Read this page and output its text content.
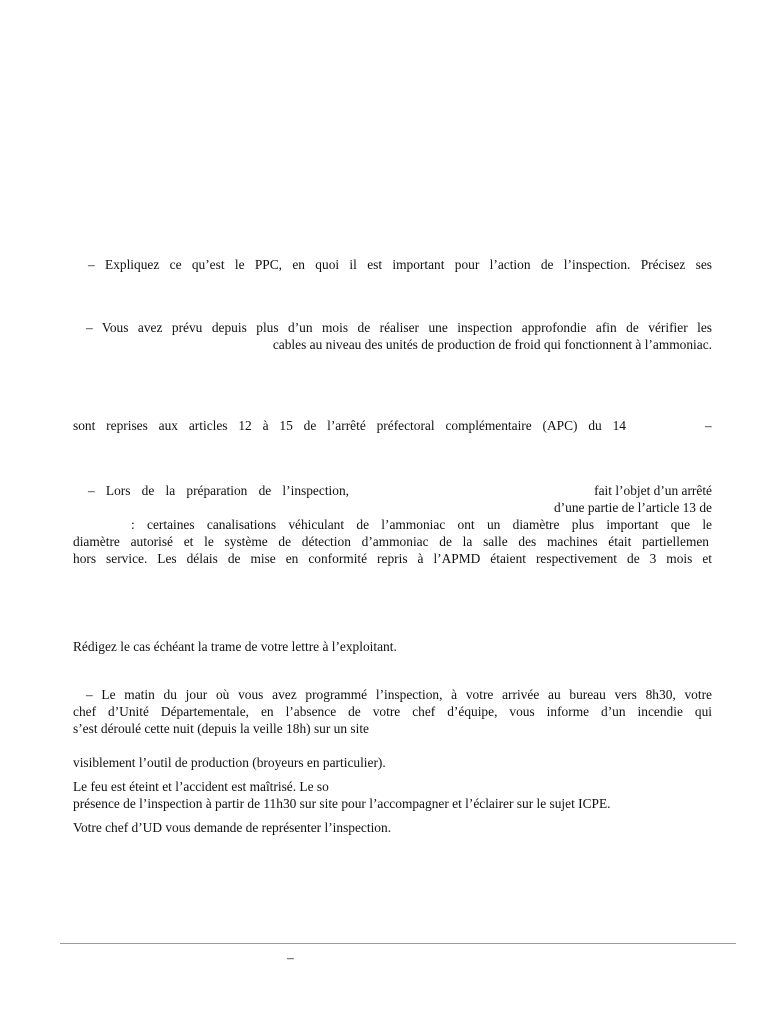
– Expliquez ce qu’est le PPC, en quoi il est important pour l’action de l’inspection. Précisez ses
– Vous avez prévu depuis plus d’un mois de réaliser une inspection approfondie afin de vérifier les
cables au niveau des unités de production de froid qui fonctionnent à l’ammoniac.
sont reprises aux articles 12 à 15 de l’arrêté préfectoral complémentaire (APC) du 14	–
– Lors de la préparation de l’inspection,	fait l’objet d’un arrêté
d’une partie de l’article 13 de
: certaines canalisations véhiculant de l’ammoniac ont un diamètre plus important que le
diamètre autorisé et le système de détection d’ammoniac de la salle des machines était partiellemen
hors service. Les délais de mise en conformité repris à l’APMD étaient respectivement de 3 mois et
Rédigez le cas échéant la trame de votre lettre à l’exploitant.
– Le matin du jour où vous avez programmé l’inspection, à votre arrivée au bureau vers 8h30, votre
chef d’Unité Départementale, en l’absence de votre chef d’équipe, vous informe d’un incendie qui
s’est déroulé cette nuit (depuis la veille 18h) sur un site
visiblement l’outil de production (broyeurs en particulier).
Le feu est éteint et l’accident est maîtrisé. Le so
présence de l’inspection à partir de 11h30 sur site pour l’accompagner et l’éclairer sur le sujet ICPE.
Votre chef d’UD vous demande de représenter l’inspection.
–
